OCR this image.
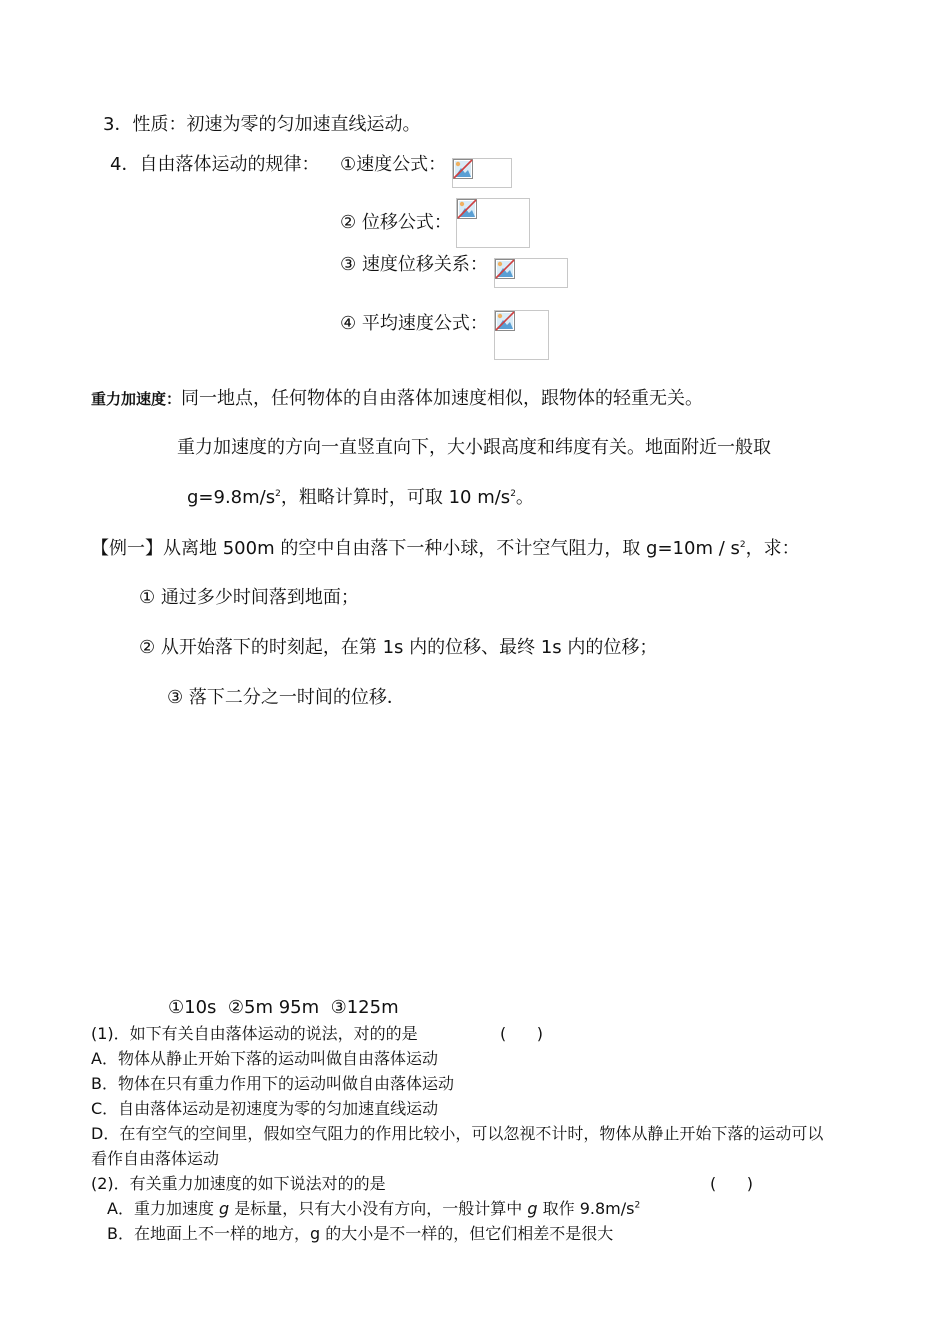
3．性质：初速为零的匀加速直线运动。
4．自由落体运动的规律： ①速度公式：
② 位移公式：
③ 速度位移关系：
④ 平均速度公式：
重力加速度：同一地点，任何物体的自由落体加速度相似，跟物体的轻重无关。
重力加速度的方向一直竖直向下，大小跟高度和纬度有关。地面附近一般取
$g=9.8m/s^2$，粗略计算时，可取 10 $m/s^2$。
【例一】从离地 500m 的空中自由落下一种小球，不计空气阻力，取 $g=10m / s^2$，求：
① 通过多少时间落到地面；
② 从开始落下的时刻起，在第 1s 内的位移、最终 1s 内的位移；
③ 落下二分之一时间的位移．
①10s  ②5m 95m  ③125m
(1)．如下有关自由落体运动的说法，对的的是	(      )
A．物体从静止开始下落的运动叫做自由落体运动
B．物体在只有重力作用下的运动叫做自由落体运动
C．自由落体运动是初速度为零的匀加速直线运动
D．在有空气的空间里，假如空气阻力的作用比较小，可以忽视不计时，物体从静止开始下落的运动可以
看作自由落体运动
(2)．有关重力加速度的如下说法对的的是	(      )
A．重力加速度 g 是标量，只有大小没有方向，一般计算中 g 取作 $9.8m/s^2$
B．在地面上不一样的地方，g 的大小是不一样的，但它们相差不是很大
